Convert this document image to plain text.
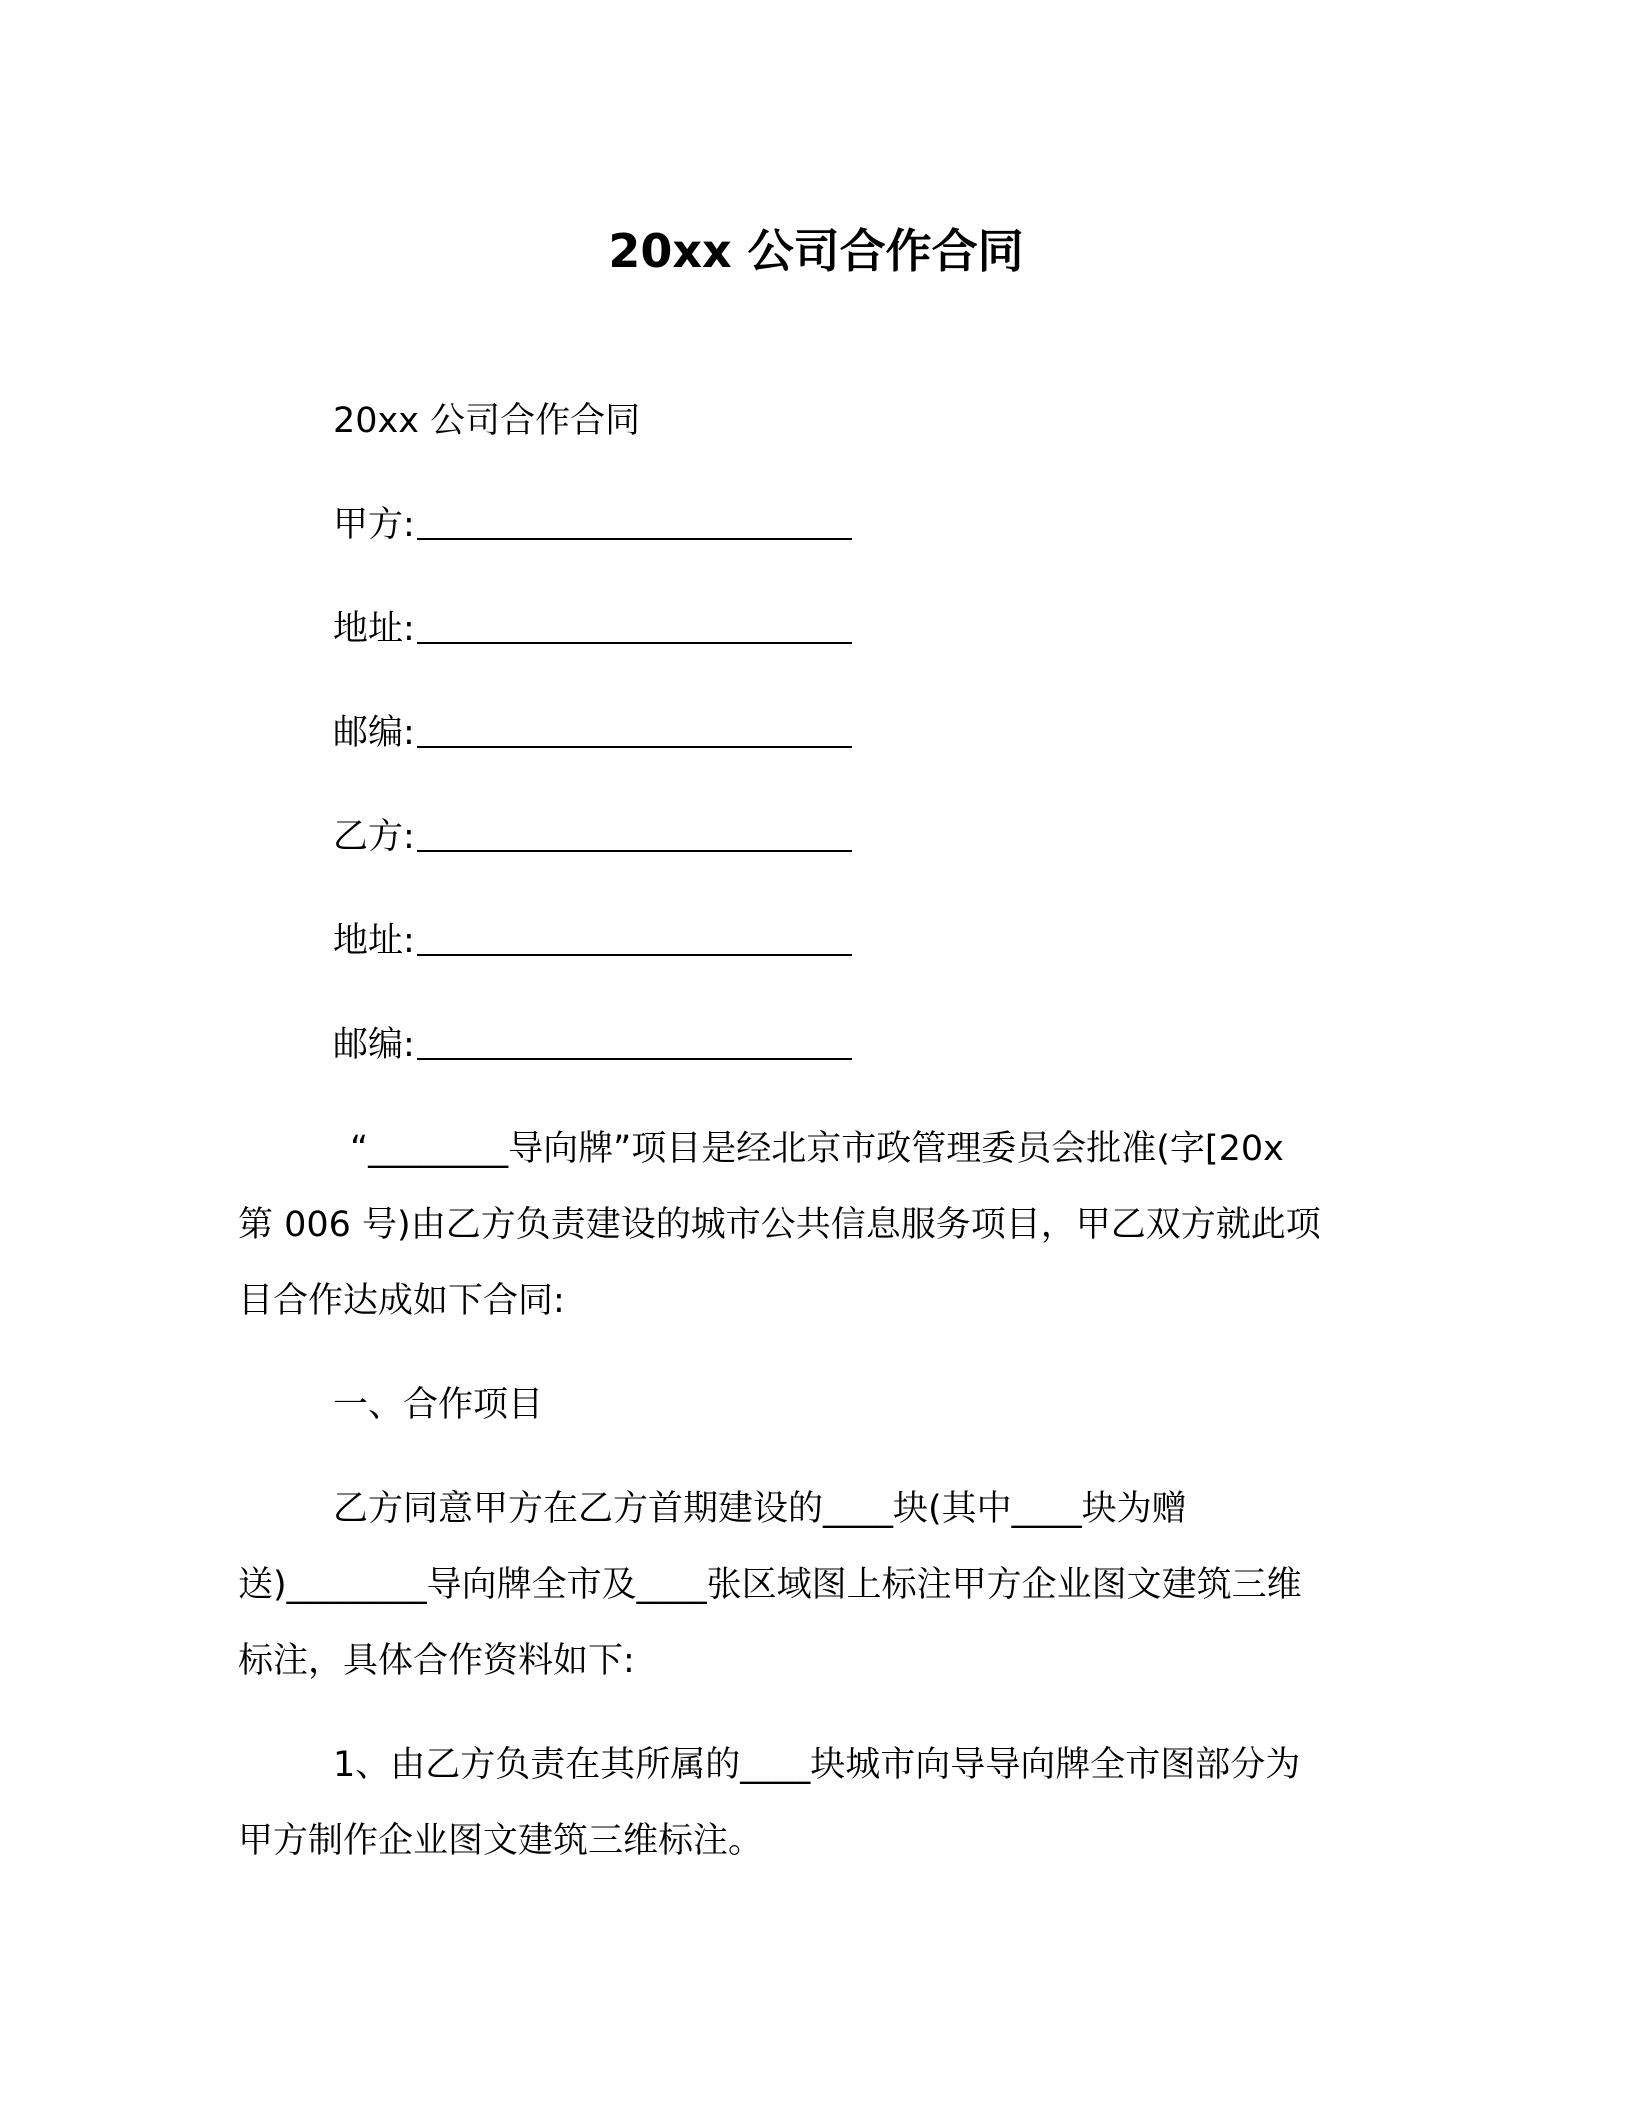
20xx 公司合作合同
20xx 公司合作合同
甲方:
地址:
邮编:
乙方:
地址:
邮编:
“________导向牌”项目是经北京市政管理委员会批准(字[20x
第 006 号)由乙方负责建设的城市公共信息服务项目，甲乙双方就此项
目合作达成如下合同:
一、合作项目
乙方同意甲方在乙方首期建设的____块(其中____块为赠
送)________导向牌全市及____张区域图上标注甲方企业图文建筑三维
标注，具体合作资料如下:
1、由乙方负责在其所属的____块城市向导导向牌全市图部分为
甲方制作企业图文建筑三维标注。
